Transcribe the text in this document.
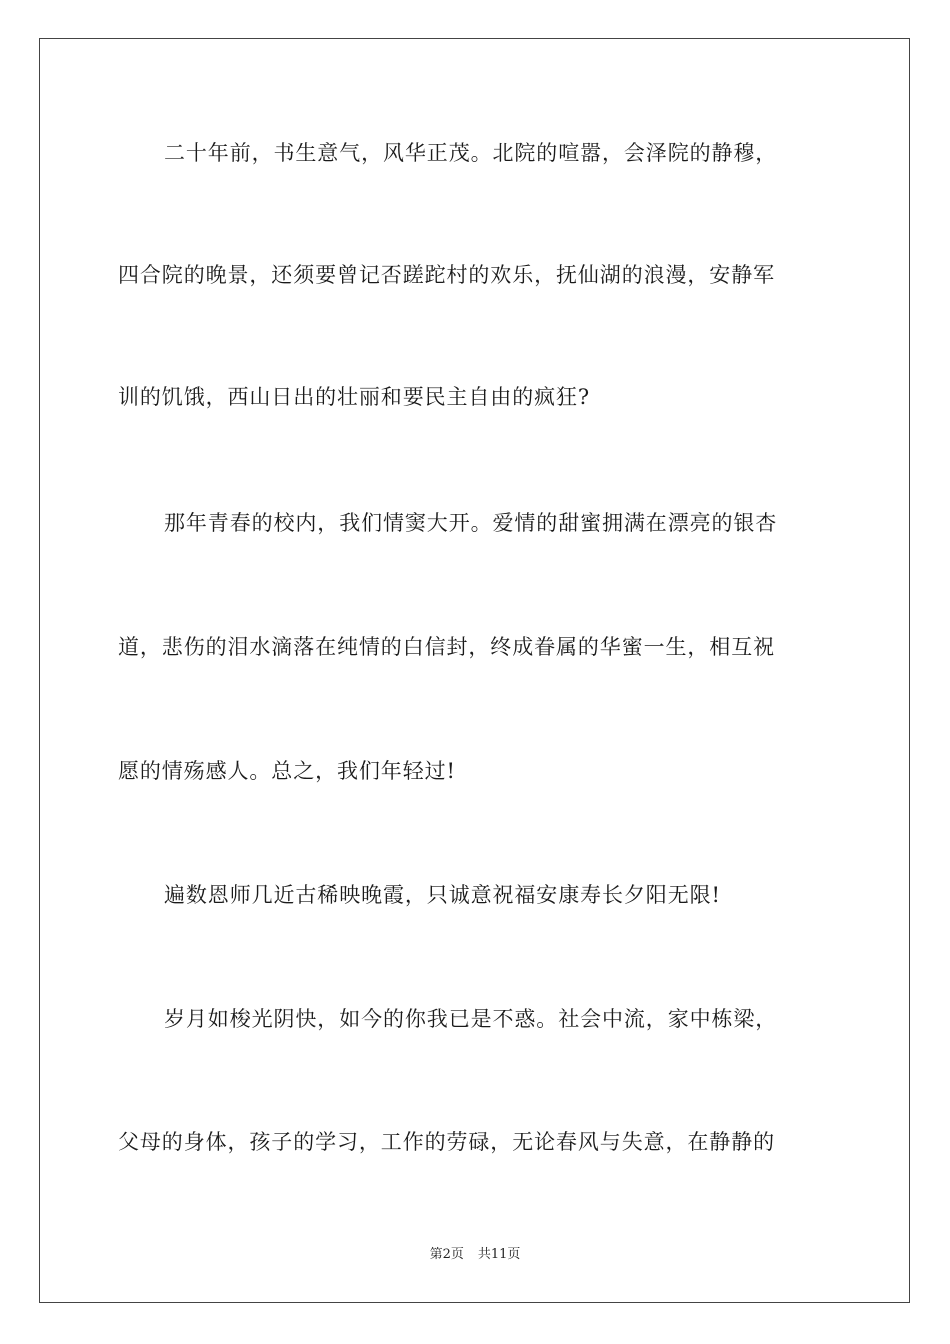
二十年前，书生意气，风华正茂。北院的喧嚣，会泽院的静穆，
四合院的晚景，还须要曾记否蹉跎村的欢乐，抚仙湖的浪漫，安静军
训的饥饿，西山日出的壮丽和要民主自由的疯狂?
那年青春的校内，我们情窦大开。爱情的甜蜜拥满在漂亮的银杏
道，悲伤的泪水滴落在纯情的白信封，终成眷属的华蜜一生，相互祝
愿的情殇感人。总之，我们年轻过!
遍数恩师几近古稀映晚霞，只诚意祝福安康寿长夕阳无限!
岁月如梭光阴快，如今的你我已是不惑。社会中流，家中栋梁，
父母的身体，孩子的学习，工作的劳碌，无论春风与失意，在静静的
第2页 共11页
